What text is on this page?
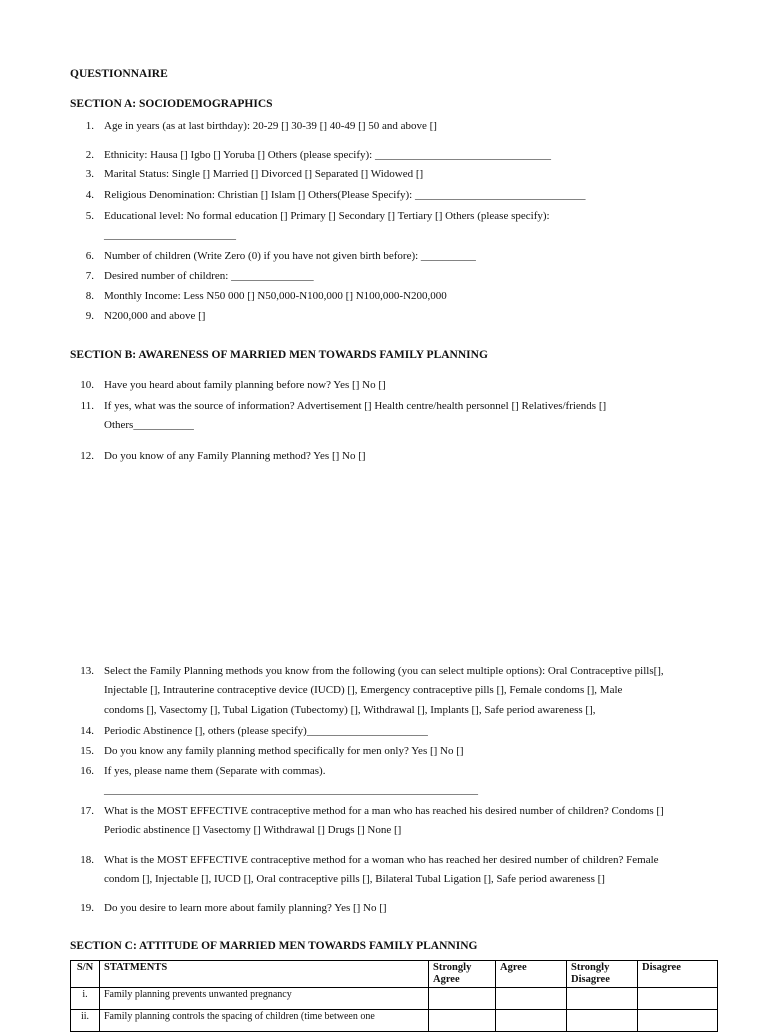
QUESTIONNAIRE
SECTION A: SOCIODEMOGRAPHICS
1. Age in years (as at last birthday): 20-29 [] 30-39 [] 40-49 [] 50 and above []
2. Ethnicity: Hausa [] Igbo [] Yoruba [] Others (please specify): ________________________________
3. Marital Status: Single [] Married [] Divorced [] Separated [] Widowed []
4. Religious Denomination: Christian [] Islam [] Others(Please Specify): _______________________________
5. Educational level: No formal education [] Primary [] Secondary [] Tertiary [] Others (please specify):
________________________
6. Number of children (Write Zero (0) if you have not given birth before): __________
7. Desired number of children: _______________
8. Monthly Income: Less N50 000 [] N50,000-N100,000 [] N100,000-N200,000
9. N200,000 and above []
SECTION B: AWARENESS OF MARRIED MEN TOWARDS FAMILY PLANNING
10. Have you heard about family planning before now? Yes [] No []
11. If yes, what was the source of information? Advertisement [] Health centre/health personnel [] Relatives/friends []
Others___________
12. Do you know of any Family Planning method? Yes [] No []
13. Select the Family Planning methods you know from the following (you can select multiple options): Oral Contraceptive pills[],
Injectable [], Intrauterine contraceptive device (IUCD) [], Emergency contraceptive pills [], Female condoms [], Male
condoms [], Vasectomy [], Tubal Ligation (Tubectomy) [], Withdrawal [], Implants [], Safe period awareness [],
14. Periodic Abstinence [], others (please specify)______________________
15. Do you know any family planning method specifically for men only? Yes [] No []
16. If yes, please name them (Separate with commas).
____________________________________________________________________
17. What is the MOST EFFECTIVE contraceptive method for a man who has reached his desired number of children? Condoms []
Periodic abstinence [] Vasectomy [] Withdrawal [] Drugs [] None []
18. What is the MOST EFFECTIVE contraceptive method for a woman who has reached her desired number of children? Female
condom [], Injectable [], IUCD [], Oral contraceptive pills [], Bilateral Tubal Ligation [], Safe period awareness []
19. Do you desire to learn more about family planning? Yes [] No []
SECTION C: ATTITUDE OF MARRIED MEN TOWARDS FAMILY PLANNING
S/N	STATMENTS	Strongly Agree	Agree	Strongly Disagree	Disagree
i.	Family planning prevents unwanted pregnancy				
ii.	Family planning controls the spacing of children (time between one				
